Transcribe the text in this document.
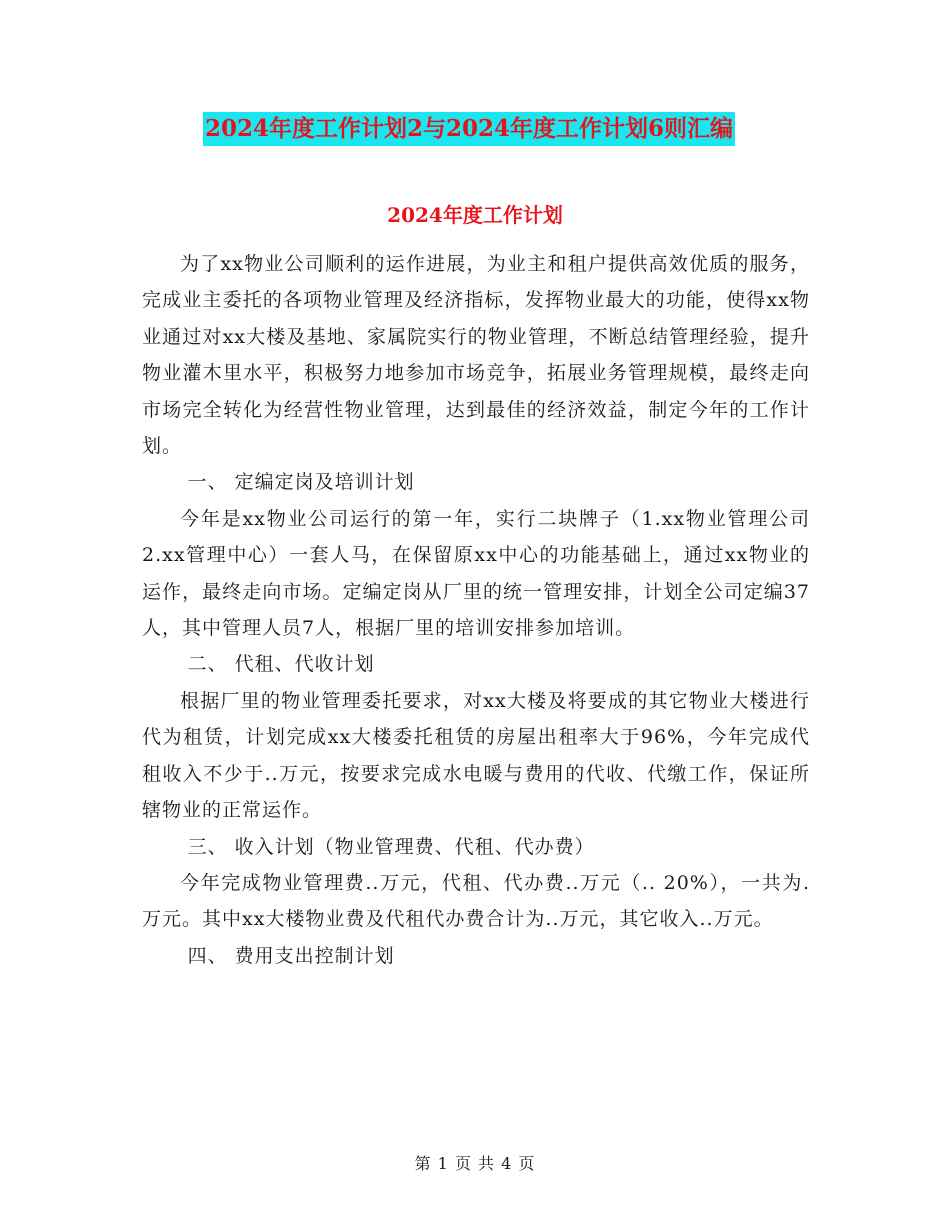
2024年度工作计划2与2024年度工作计划6则汇编
2024年度工作计划

为了xx物业公司顺利的运作进展，为业主和租户提供高效优质的服务，完成业主委托的各项物业管理及经济指标，发挥物业最大的功能，使得xx物业通过对xx大楼及基地、家属院实行的物业管理，不断总结管理经验，提升物业灌木里水平，积极努力地参加市场竞争，拓展业务管理规模，最终走向市场完全转化为经营性物业管理，达到最佳的经济效益，制定今年的工作计划。

一、 定编定岗及培训计划

今年是xx物业公司运行的第一年，实行二块牌子（1.xx物业管理公司 2.xx管理中心）一套人马，在保留原xx中心的功能基础上，通过xx物业的运作，最终走向市场。定编定岗从厂里的统一管理安排，计划全公司定编37人，其中管理人员7人，根据厂里的培训安排参加培训。

二、 代租、代收计划

根据厂里的物业管理委托要求，对xx大楼及将要成的其它物业大楼进行代为租赁，计划完成xx大楼委托租赁的房屋出租率大于96%，今年完成代租收入不少于..万元，按要求完成水电暖与费用的代收、代缴工作，保证所辖物业的正常运作。

三、 收入计划（物业管理费、代租、代办费）

今年完成物业管理费..万元，代租、代办费..万元（.. 20%），一共为.万元。其中xx大楼物业费及代租代办费合计为..万元，其它收入..万元。

四、 费用支出控制计划

第 1 页 共 4 页
